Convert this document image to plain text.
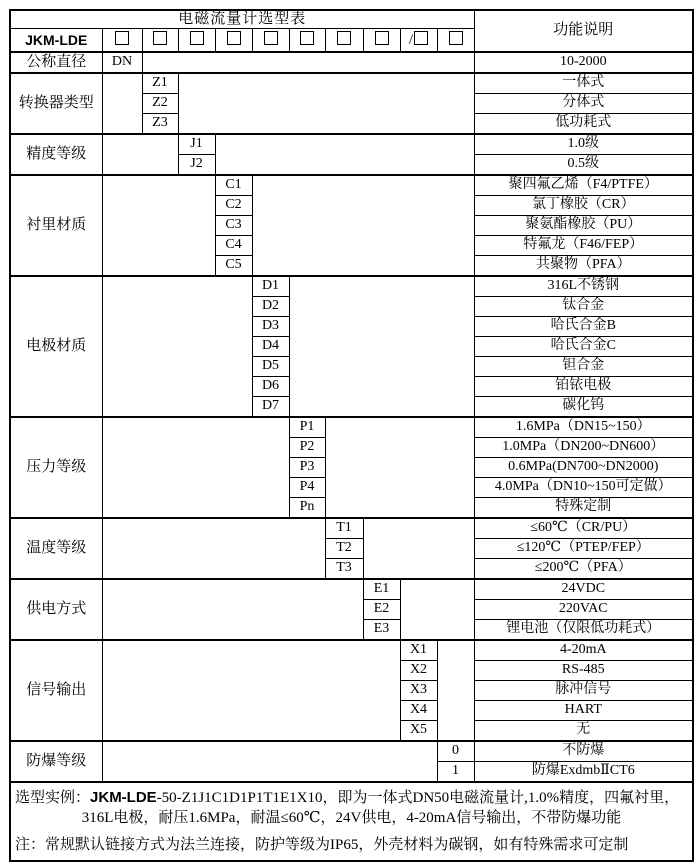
电磁流量计选型表											功能说明
JKM-LDE									/		
公称直径	DN										10-2000
转换器类型		Z1									一体式
		Z2									分体式
		Z3									低功耗式
精度等级			J1								1.0级
			J2								0.5级
衬里材质				C1							聚四氟乙烯（F4/PTFE）
				C2							氯丁橡胶（CR）
				C3							聚氨酯橡胶（PU）
				C4							特氟龙（F46/FEP）
				C5							共聚物（PFA）
电极材质					D1						316L不锈钢
					D2						钛合金
					D3						哈氏合金B
					D4						哈氏合金C
					D5						钽合金
					D6						铂铱电极
					D7						碳化钨
压力等级						P1					1.6MPa（DN15~150）
						P2					1.0MPa（DN200~DN600）
						P3					0.6MPa(DN700~DN2000)
						P4					4.0MPa（DN10~150可定做）
						Pn					特殊定制
温度等级							T1				≤60℃（CR/PU）
							T2				≤120℃（PTEP/FEP）
							T3				≤200℃（PFA）
供电方式								E1			24VDC
								E2			220VAC
								E3			锂电池（仅限低功耗式）
信号输出									X1		4-20mA
									X2		RS-485
									X3		脉冲信号
									X4		HART
									X5		无
防爆等级										0	不防爆
										1	防爆ExdmbⅡCT6

选型实例：JKM-LDE-50-Z1J1C1D1P1T1E1X10，即为一体式DN50电磁流量计,1.0%精度，四氟衬里，
316L电极，耐压1.6MPa，耐温≤60℃，24V供电，4-20mA信号输出，不带防爆功能
注：常规默认链接方式为法兰连接，防护等级为IP65，外壳材料为碳钢，如有特殊需求可定制											
